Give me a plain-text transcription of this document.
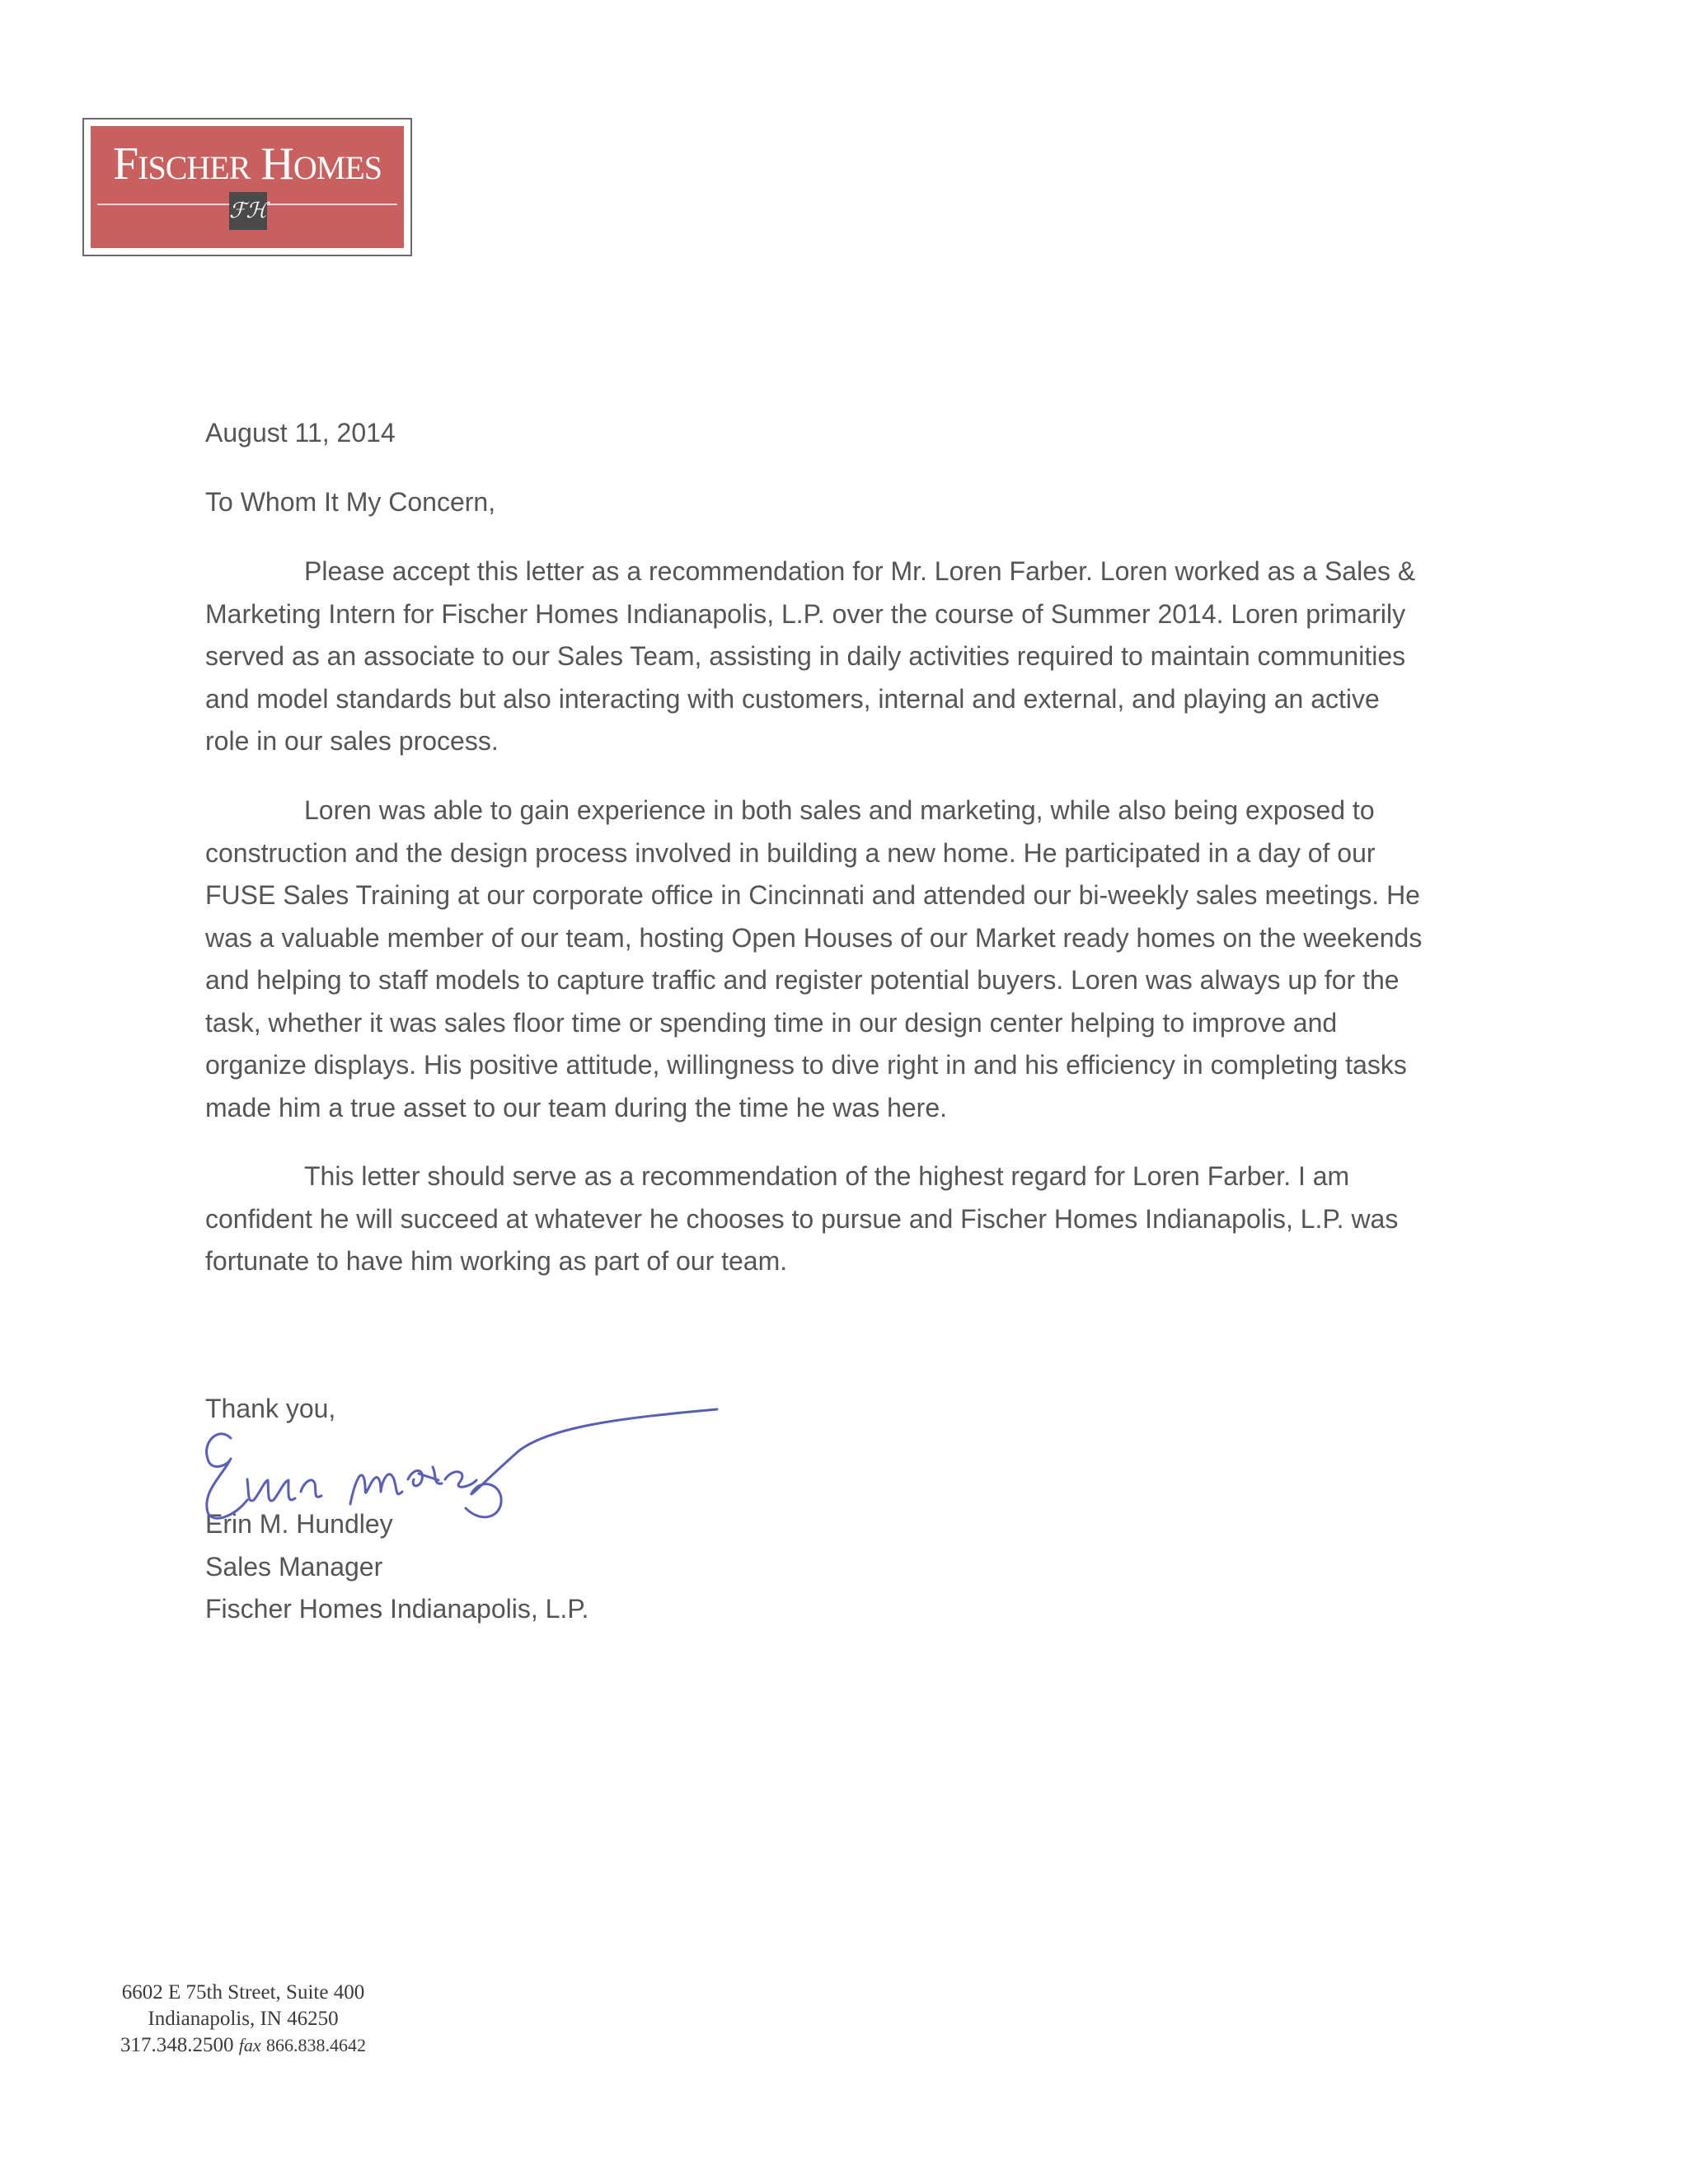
FISCHER HOMES
ℱℋ
August 11, 2014
To Whom It My Concern,

Please accept this letter as a recommendation for Mr. Loren Farber. Loren worked as a Sales &
Marketing Intern for Fischer Homes Indianapolis, L.P. over the course of Summer 2014. Loren primarily
served as an associate to our Sales Team, assisting in daily activities required to maintain communities
and model standards but also interacting with customers, internal and external, and playing an active
role in our sales process.

Loren was able to gain experience in both sales and marketing, while also being exposed to
construction and the design process involved in building a new home. He participated in a day of our
FUSE Sales Training at our corporate office in Cincinnati and attended our bi-weekly sales meetings. He
was a valuable member of our team, hosting Open Houses of our Market ready homes on the weekends
and helping to staff models to capture traffic and register potential buyers. Loren was always up for the
task, whether it was sales floor time or spending time in our design center helping to improve and
organize displays. His positive attitude, willingness to dive right in and his efficiency in completing tasks
made him a true asset to our team during the time he was here.

This letter should serve as a recommendation of the highest regard for Loren Farber. I am
confident he will succeed at whatever he chooses to pursue and Fischer Homes Indianapolis, L.P. was
fortunate to have him working as part of our team.

Thank you,
Erin M. Hundley
Sales Manager
Fischer Homes Indianapolis, L.P.
Erin M Hundley
6602 E 75th Street, Suite 400
Indianapolis, IN 46250
317.348.2500 fax 866.838.4642
